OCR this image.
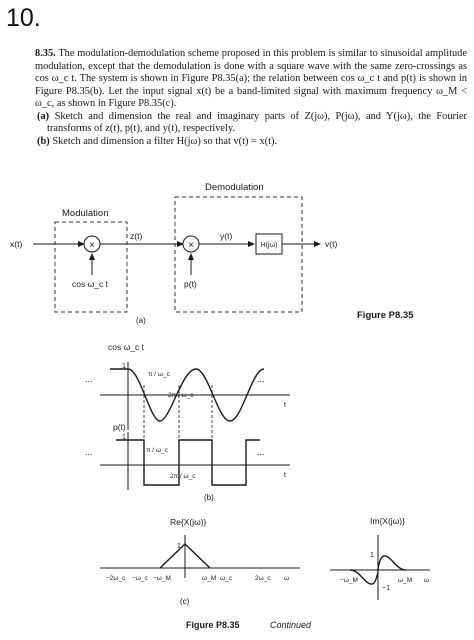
10.

8.35. The modulation-demodulation scheme proposed in this problem is similar to sinusoidal amplitude modulation, except that the demodulation is done with a square wave with the same zero-crossings as cos ω_c t. The system is shown in Figure P8.35(a); the relation between cos ω_c t and p(t) is shown in Figure P8.35(b). Let the input signal x(t) be a band-limited signal with maximum frequency ω_M < ω_c, as shown in Figure P8.35(c).

(a) Sketch and dimension the real and imaginary parts of Z(jω), P(jω), and Y(jω), the Fourier transforms of z(t), p(t), and y(t), respectively.

(b) Sketch and dimension a filter H(jω) so that v(t) = x(t).

Modulation
Demodulation
×	×	H(jω)
x(t)
z(t)	y(t)
v(t)
cos ω_c t	p(t)
(a)	Figure P8.35
cos ω_c t
1
t
...	...
π / ω_c
2π / ω_c
p(t)
1
t
...	...
π / ω_c
2π / ω_c
(b)
Re{X(jω)}
1
−2ω_c −ω_c −ω_M	ω_M ω_c	2ω_c ω
Im{X(jω)}
1
−1
−ω_M	ω_M ω
(c)
Figure P8.35	Continued
